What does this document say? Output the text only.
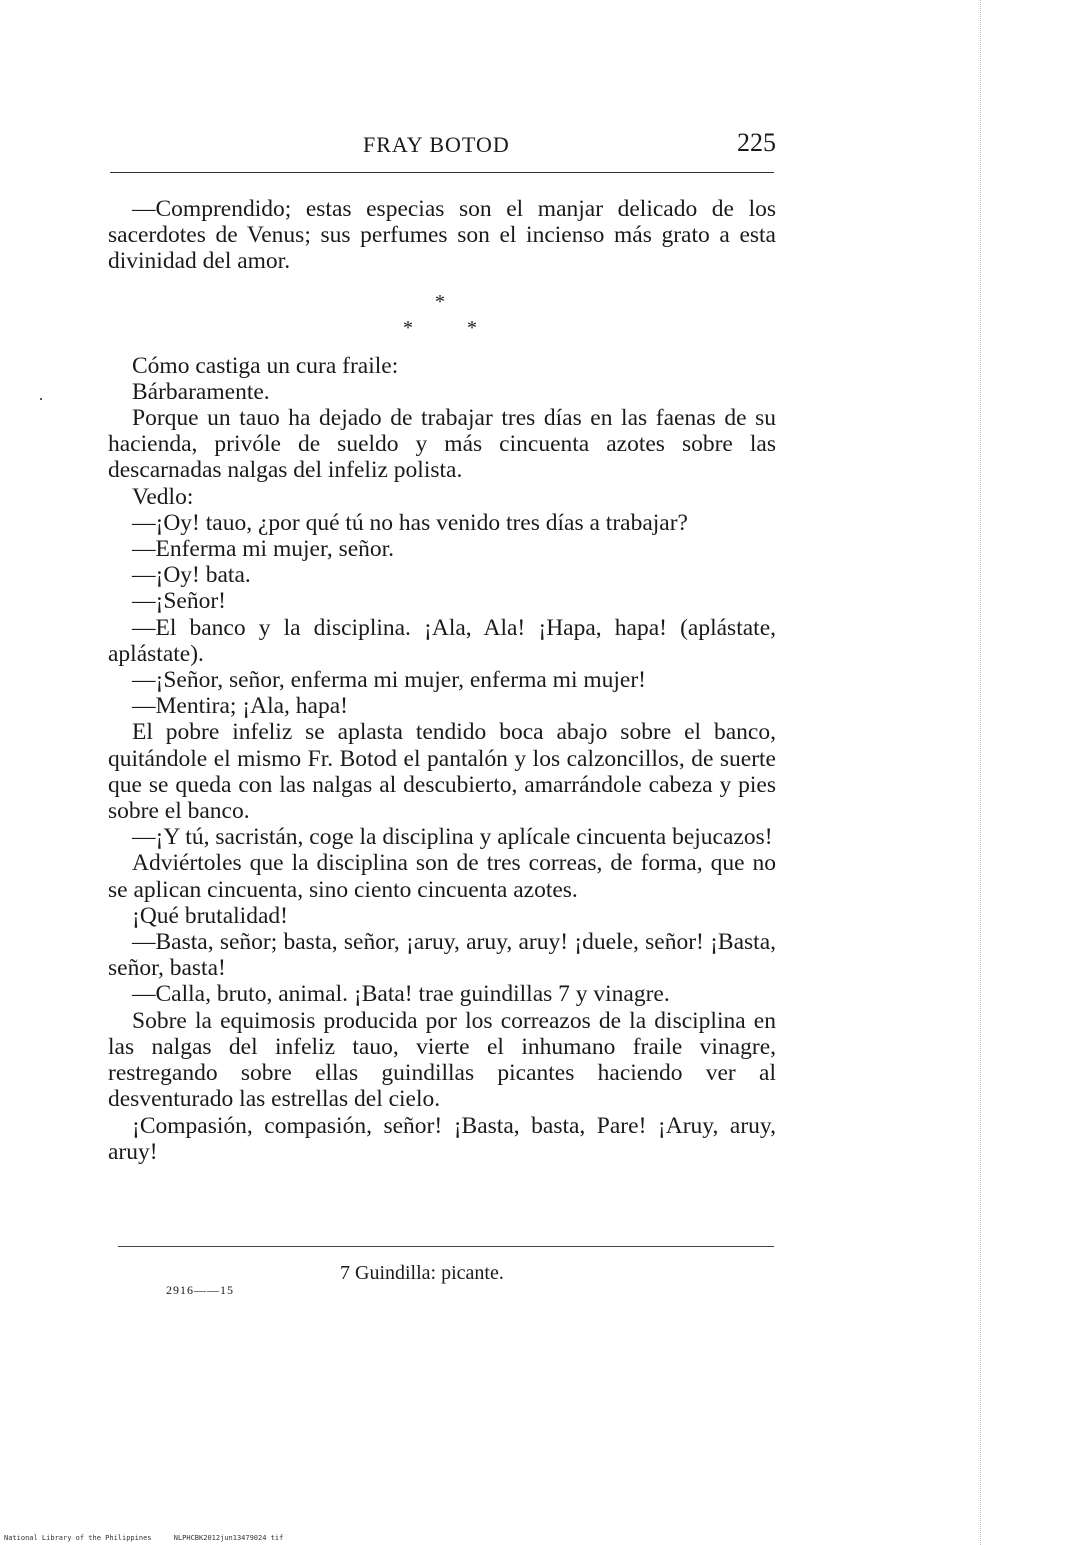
FRAY BOTOD	225

—Comprendido; estas especias son el manjar delicado de los sacerdotes de Venus; sus perfumes son el incienso más grato a esta divinidad del amor.

*
*	*

Cómo castiga un cura fraile:

Bárbaramente.

Porque un tauo ha dejado de trabajar tres días en las faenas de su hacienda, privóle de sueldo y más cincuenta azotes sobre las descarnadas nalgas del infeliz polista.

Vedlo:

—¡Oy! tauo, ¿por qué tú no has venido tres días a trabajar?

—Enferma mi mujer, señor.

—¡Oy! bata.

—¡Señor!

—El banco y la disciplina. ¡Ala, Ala! ¡Hapa, hapa! (aplástate, aplástate).

—¡Señor, señor, enferma mi mujer, enferma mi mujer!

—Mentira; ¡Ala, hapa!

El pobre infeliz se aplasta tendido boca abajo sobre el banco, quitándole el mismo Fr. Botod el pantalón y los calzoncillos, de suerte que se queda con las nalgas al descubierto, amarrándole cabeza y pies sobre el banco.

—¡Y tú, sacristán, coge la disciplina y aplícale cincuenta bejucazos!

Adviértoles que la disciplina son de tres correas, de forma, que no se aplican cincuenta, sino ciento cincuenta azotes.

¡Qué brutalidad!

—Basta, señor; basta, señor, ¡aruy, aruy, aruy! ¡duele, señor! ¡Basta, señor, basta!

—Calla, bruto, animal. ¡Bata! trae guindillas 7 y vinagre.

Sobre la equimosis producida por los correazos de la disciplina en las nalgas del infeliz tauo, vierte el inhumano fraile vinagre, restregando sobre ellas guindillas picantes haciendo ver al desventurado las estrellas del cielo.

¡Compasión, compasión, señor! ¡Basta, basta, Pare! ¡Aruy, aruy, aruy!

7 Guindilla: picante.
2916——15
National Library of the Philippines	NLPHCBK2012jun13479024 tif
